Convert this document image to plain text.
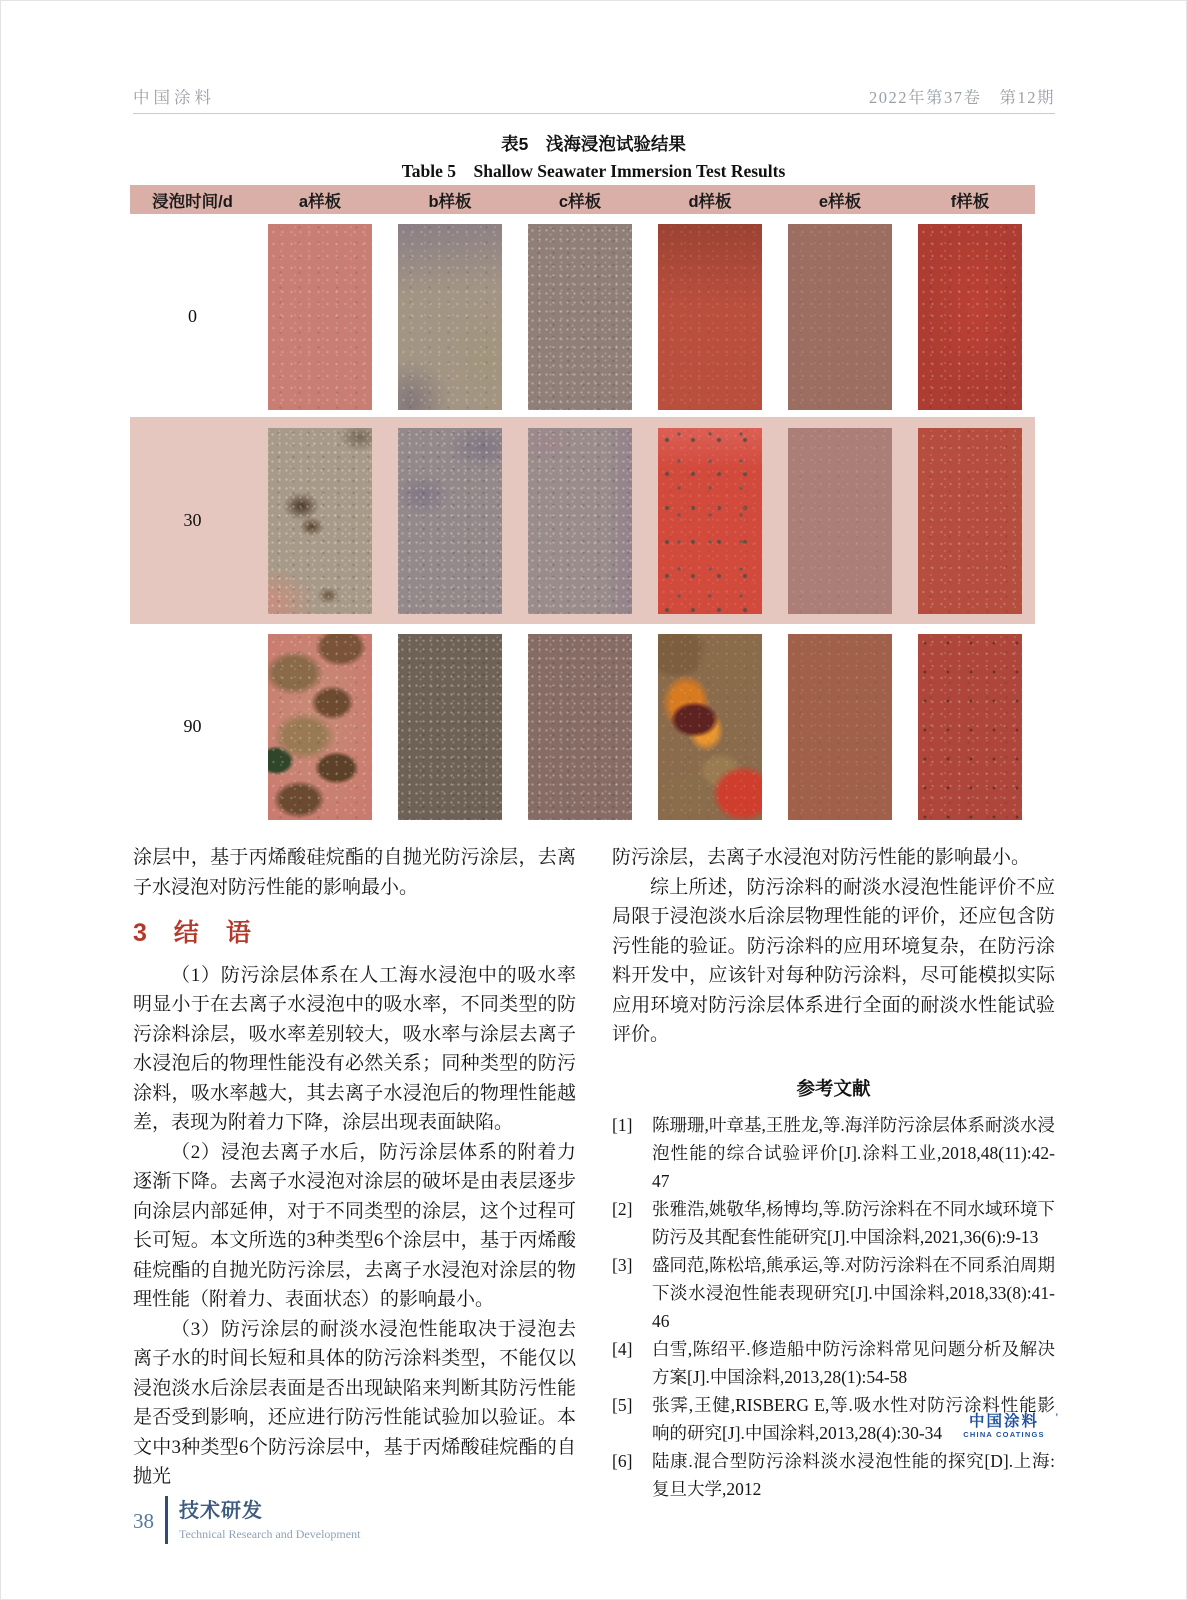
中国涂料	2022年第37卷　第12期
表5　浅海浸泡试验结果
Table 5　Shallow Seawater Immersion Test Results
浸泡时间/d	a样板	b样板	c样板	d样板	e样板	f样板
0
30
90

涂层中，基于丙烯酸硅烷酯的自抛光防污涂层，去离子水浸泡对防污性能的影响最小。

3　结　语

（1）防污涂层体系在人工海水浸泡中的吸水率明显小于在去离子水浸泡中的吸水率，不同类型的防污涂料涂层，吸水率差别较大，吸水率与涂层去离子水浸泡后的物理性能没有必然关系；同种类型的防污涂料，吸水率越大，其去离子水浸泡后的物理性能越差，表现为附着力下降，涂层出现表面缺陷。

（2）浸泡去离子水后，防污涂层体系的附着力逐渐下降。去离子水浸泡对涂层的破坏是由表层逐步向涂层内部延伸，对于不同类型的涂层，这个过程可长可短。本文所选的3种类型6个涂层中，基于丙烯酸硅烷酯的自抛光防污涂层，去离子水浸泡对涂层的物理性能（附着力、表面状态）的影响最小。

（3）防污涂层的耐淡水浸泡性能取决于浸泡去离子水的时间长短和具体的防污涂料类型，不能仅以浸泡淡水后涂层表面是否出现缺陷来判断其防污性能是否受到影响，还应进行防污性能试验加以验证。本文中3种类型6个防污涂层中，基于丙烯酸硅烷酯的自抛光

防污涂层，去离子水浸泡对防污性能的影响最小。

综上所述，防污涂料的耐淡水浸泡性能评价不应局限于浸泡淡水后涂层物理性能的评价，还应包含防污性能的验证。防污涂料的应用环境复杂，在防污涂料开发中，应该针对每种防污涂料，尽可能模拟实际应用环境对防污涂层体系进行全面的耐淡水性能试验评价。

参考文献
[1]	陈珊珊,叶章基,王胜龙,等.海洋防污涂层体系耐淡水浸泡性能的综合试验评价[J].涂料工业,2018,48(11):42-47
[2]	张雅浩,姚敬华,杨博均,等.防污涂料在不同水域环境下防污及其配套性能研究[J].中国涂料,2021,36(6):9-13
[3]	盛同范,陈松培,熊承运,等.对防污涂料在不同系泊周期下淡水浸泡性能表现研究[J].中国涂料,2018,33(8):41-46
[4]	白雪,陈绍平.修造船中防污涂料常见问题分析及解决方案[J].中国涂料,2013,28(1):54-58
[5]	张霁,王健,RISBERG E,等.吸水性对防污涂料性能影响的研究[J].中国涂料,2013,28(4):30-34
[6]	陆康.混合型防污涂料淡水浸泡性能的探究[D].上海:复旦大学,2012
中国涂料 ’
CHINA COATINGS
38 技术研发
Technical Research and Development
